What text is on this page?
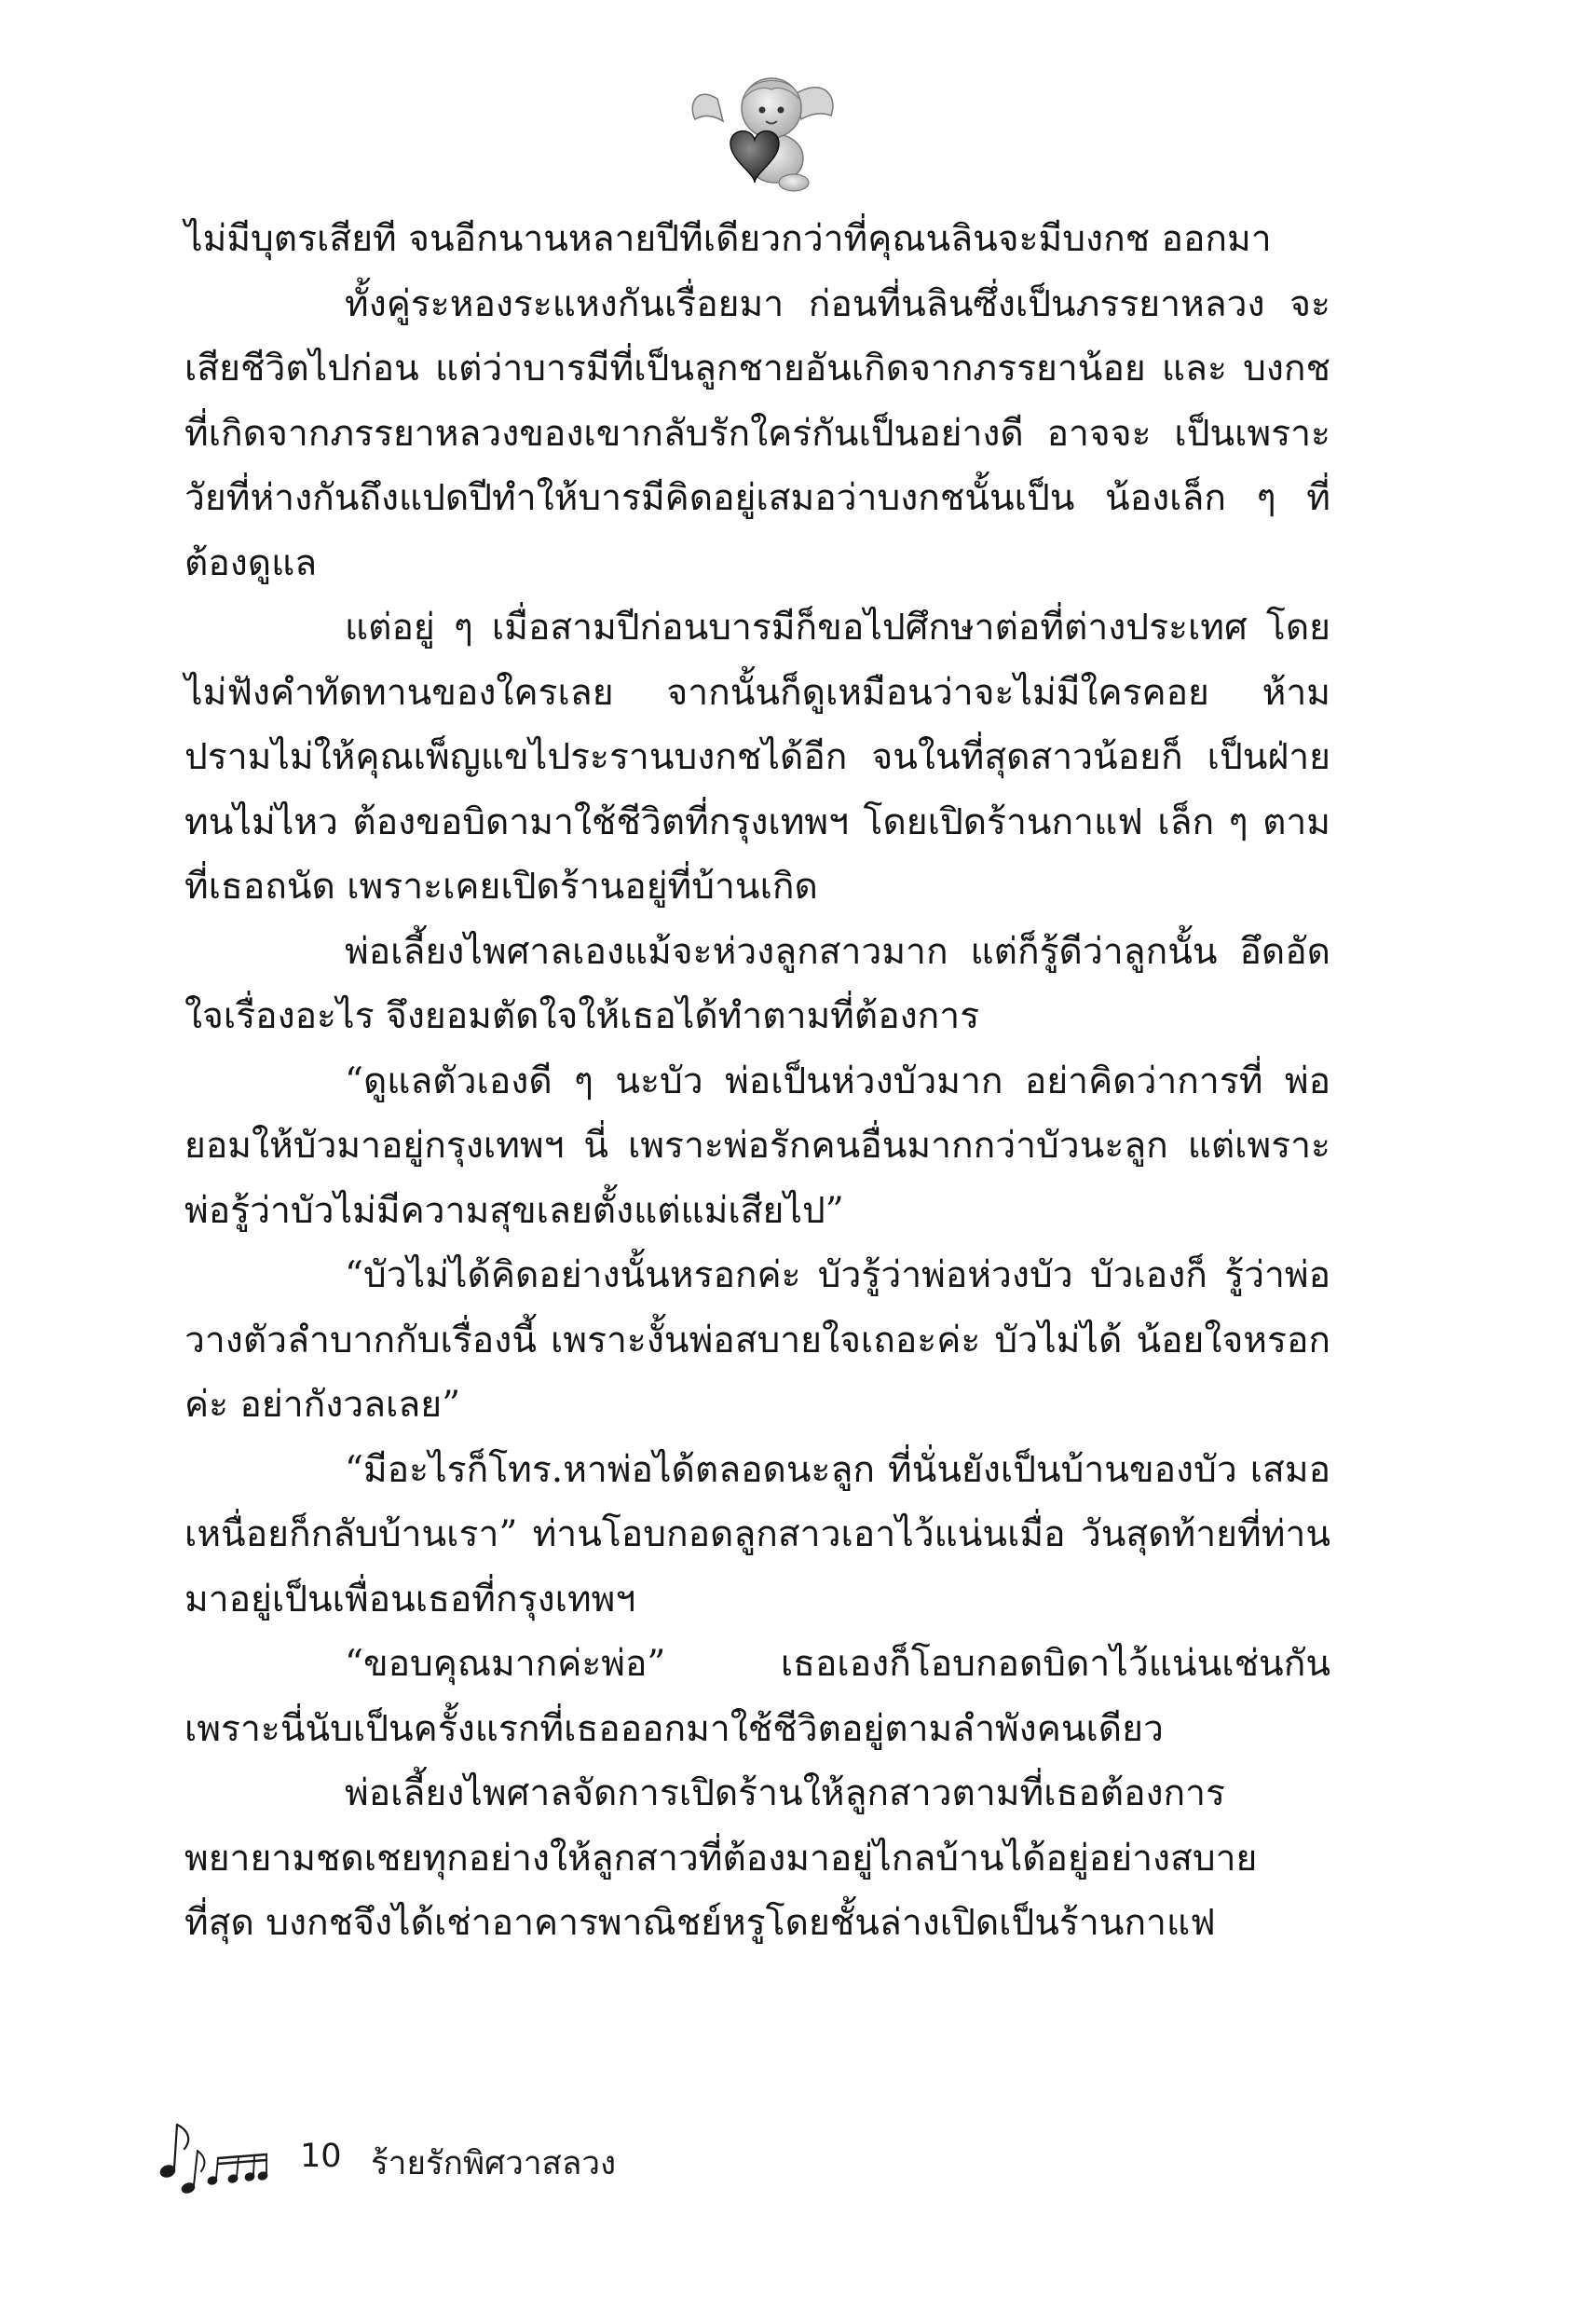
ไม่มีบุตรเสียที จนอีกนานหลายปีทีเดียวกว่าที่คุณนลินจะมีบงกช ออกมา

ทั้งคู่ระหองระแหงกันเรื่อยมา ก่อนที่นลินซึ่งเป็นภรรยาหลวง จะเสียชีวิตไปก่อน แต่ว่าบารมีที่เป็นลูกชายอันเกิดจากภรรยาน้อย และ บงกชที่เกิดจากภรรยาหลวงของเขากลับรักใคร่กันเป็นอย่างดี อาจจะ เป็นเพราะวัยที่ห่างกันถึงแปดปีทำให้บารมีคิดอยู่เสมอว่าบงกชนั้นเป็น น้องเล็ก ๆ ที่ต้องดูแล

แต่อยู่ ๆ เมื่อสามปีก่อนบารมีก็ขอไปศึกษาต่อที่ต่างประเทศ โดยไม่ฟังคำทัดทานของใครเลย จากนั้นก็ดูเหมือนว่าจะไม่มีใครคอย ห้ามปรามไม่ให้คุณเพ็ญแขไประรานบงกชได้อีก จนในที่สุดสาวน้อยก็ เป็นฝ่ายทนไม่ไหว ต้องขอบิดามาใช้ชีวิตที่กรุงเทพฯ โดยเปิดร้านกาแฟ เล็ก ๆ ตามที่เธอถนัด เพราะเคยเปิดร้านอยู่ที่บ้านเกิด

พ่อเลี้ยงไพศาลเองแม้จะห่วงลูกสาวมาก แต่ก็รู้ดีว่าลูกนั้น อึดอัดใจเรื่องอะไร จึงยอมตัดใจให้เธอได้ทำตามที่ต้องการ

“ดูแลตัวเองดี ๆ นะบัว พ่อเป็นห่วงบัวมาก อย่าคิดว่าการที่ พ่อยอมให้บัวมาอยู่กรุงเทพฯ นี่ เพราะพ่อรักคนอื่นมากกว่าบัวนะลูก แต่เพราะพ่อรู้ว่าบัวไม่มีความสุขเลยตั้งแต่แม่เสียไป”

“บัวไม่ได้คิดอย่างนั้นหรอกค่ะ บัวรู้ว่าพ่อห่วงบัว บัวเองก็ รู้ว่าพ่อวางตัวลำบากกับเรื่องนี้ เพราะงั้นพ่อสบายใจเถอะค่ะ บัวไม่ได้ น้อยใจหรอกค่ะ อย่ากังวลเลย”

“มีอะไรก็โทร.หาพ่อได้ตลอดนะลูก ที่นั่นยังเป็นบ้านของบัว เสมอ เหนื่อยก็กลับบ้านเรา” ท่านโอบกอดลูกสาวเอาไว้แน่นเมื่อ วันสุดท้ายที่ท่านมาอยู่เป็นเพื่อนเธอที่กรุงเทพฯ

“ขอบคุณมากค่ะพ่อ” เธอเองก็โอบกอดบิดาไว้แน่นเช่นกัน เพราะนี่นับเป็นครั้งแรกที่เธอออกมาใช้ชีวิตอยู่ตามลำพังคนเดียว

พ่อเลี้ยงไพศาลจัดการเปิดร้านให้ลูกสาวตามที่เธอต้องการ พยายามชดเชยทุกอย่างให้ลูกสาวที่ต้องมาอยู่ไกลบ้านได้อยู่อย่างสบาย ที่สุด บงกชจึงได้เช่าอาคารพาณิชย์หรูโดยชั้นล่างเปิดเป็นร้านกาแฟ

10 ร้ายรักพิศวาสลวง
